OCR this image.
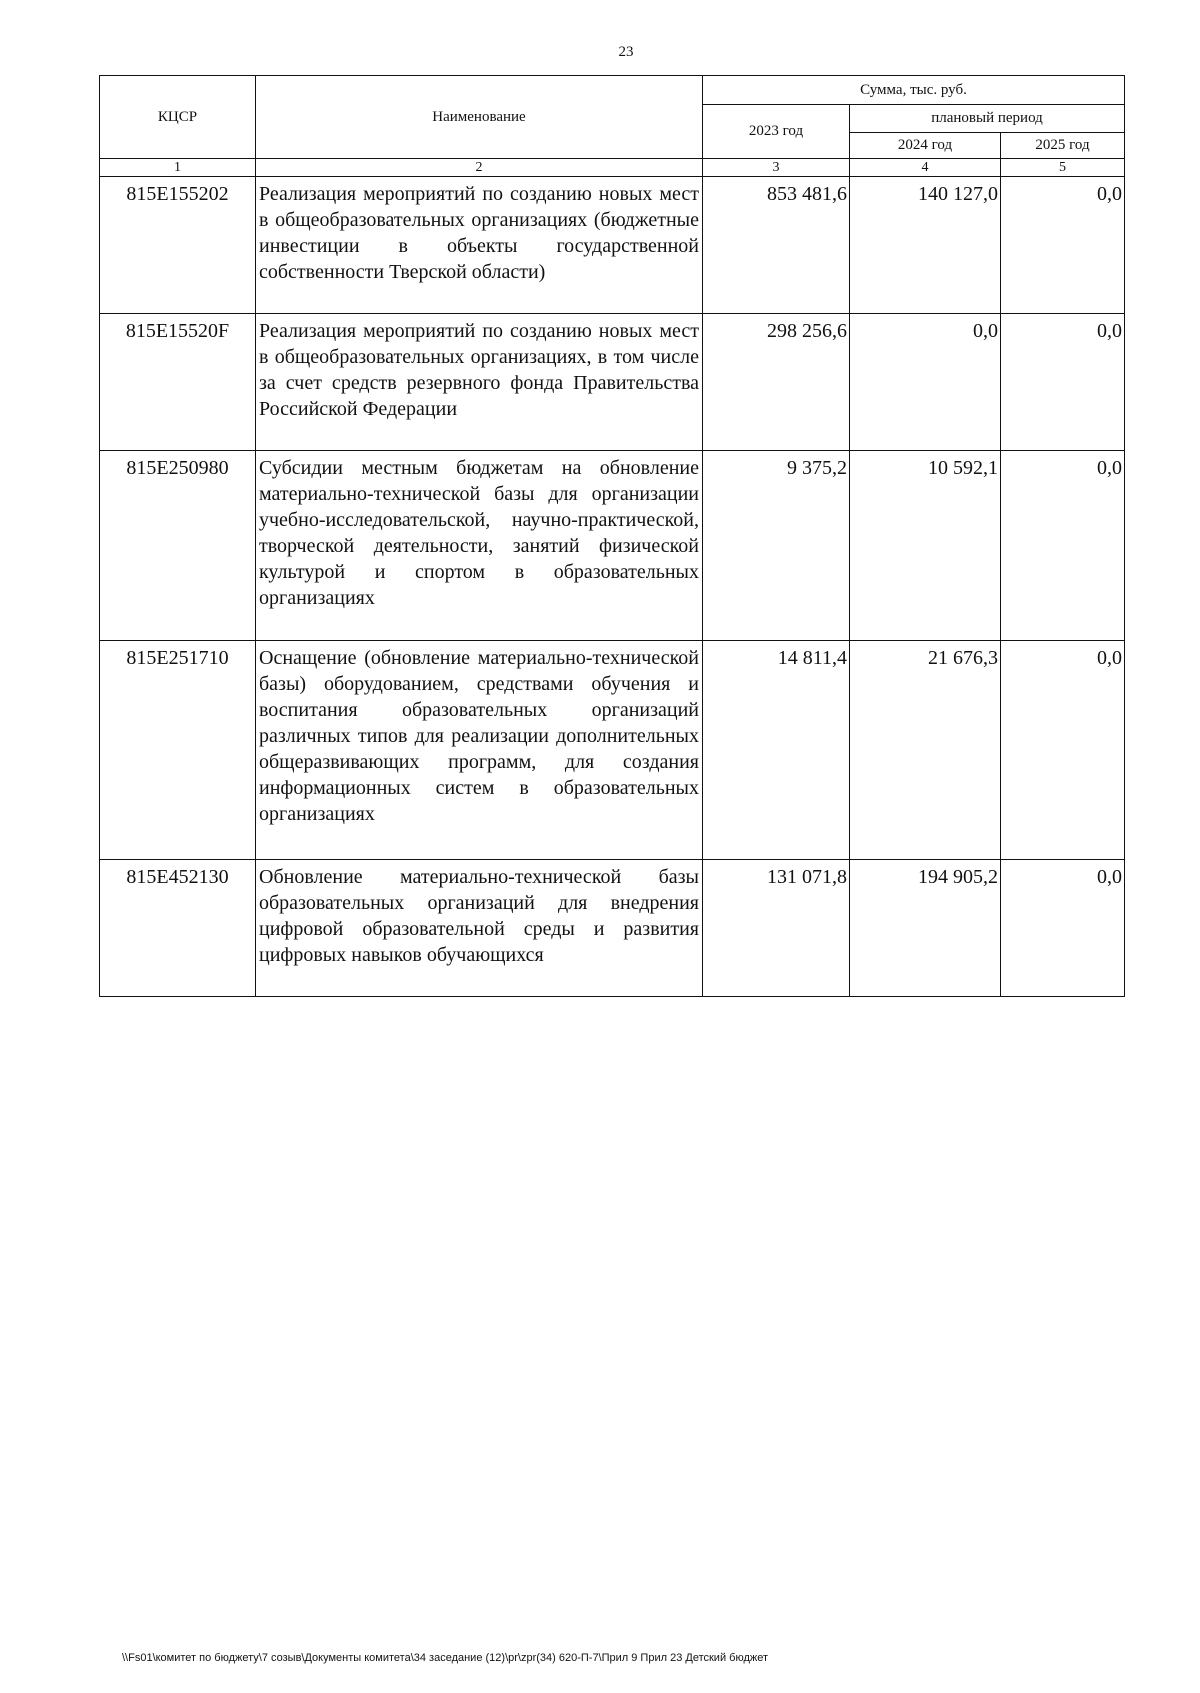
23
КЦСР	Наименование	Сумма, тыс. руб.		
		2023 год	плановый период	
			2024 год	2025 год
1	2	3	4	5
815E155202	Реализация мероприятий по созданию новых мест в общеобразовательных организациях (бюджетные инвестиции в объекты государственной собственности Тверской области)	853 481,6	140 127,0	0,0
815E15520F	Реализация мероприятий по созданию новых мест в общеобразовательных организациях, в том числе за счет средств резервного фонда Правительства Российской Федерации	298 256,6	0,0	0,0
815E250980	Субсидии местным бюджетам на обновление материально-технической базы для организации учебно-исследовательской, научно-практической, творческой деятельности, занятий физической культурой и спортом в образовательных организациях	9 375,2	10 592,1	0,0
815E251710	Оснащение (обновление материально-технической базы) оборудованием, средствами обучения и воспитания образовательных организаций различных типов для реализации дополнительных общеразвивающих программ, для создания информационных систем в образовательных организациях	14 811,4	21 676,3	0,0
815E452130	Обновление материально-технической базы образовательных организаций для внедрения цифровой образовательной среды и развития цифровых навыков обучающихся	131 071,8	194 905,2	0,0
\\Fs01\комитет по бюджету\7 созыв\Документы комитета\34 заседание (12)\pr\zpr(34) 620-П-7\Прил 9 Прил 23 Детский бюджет
